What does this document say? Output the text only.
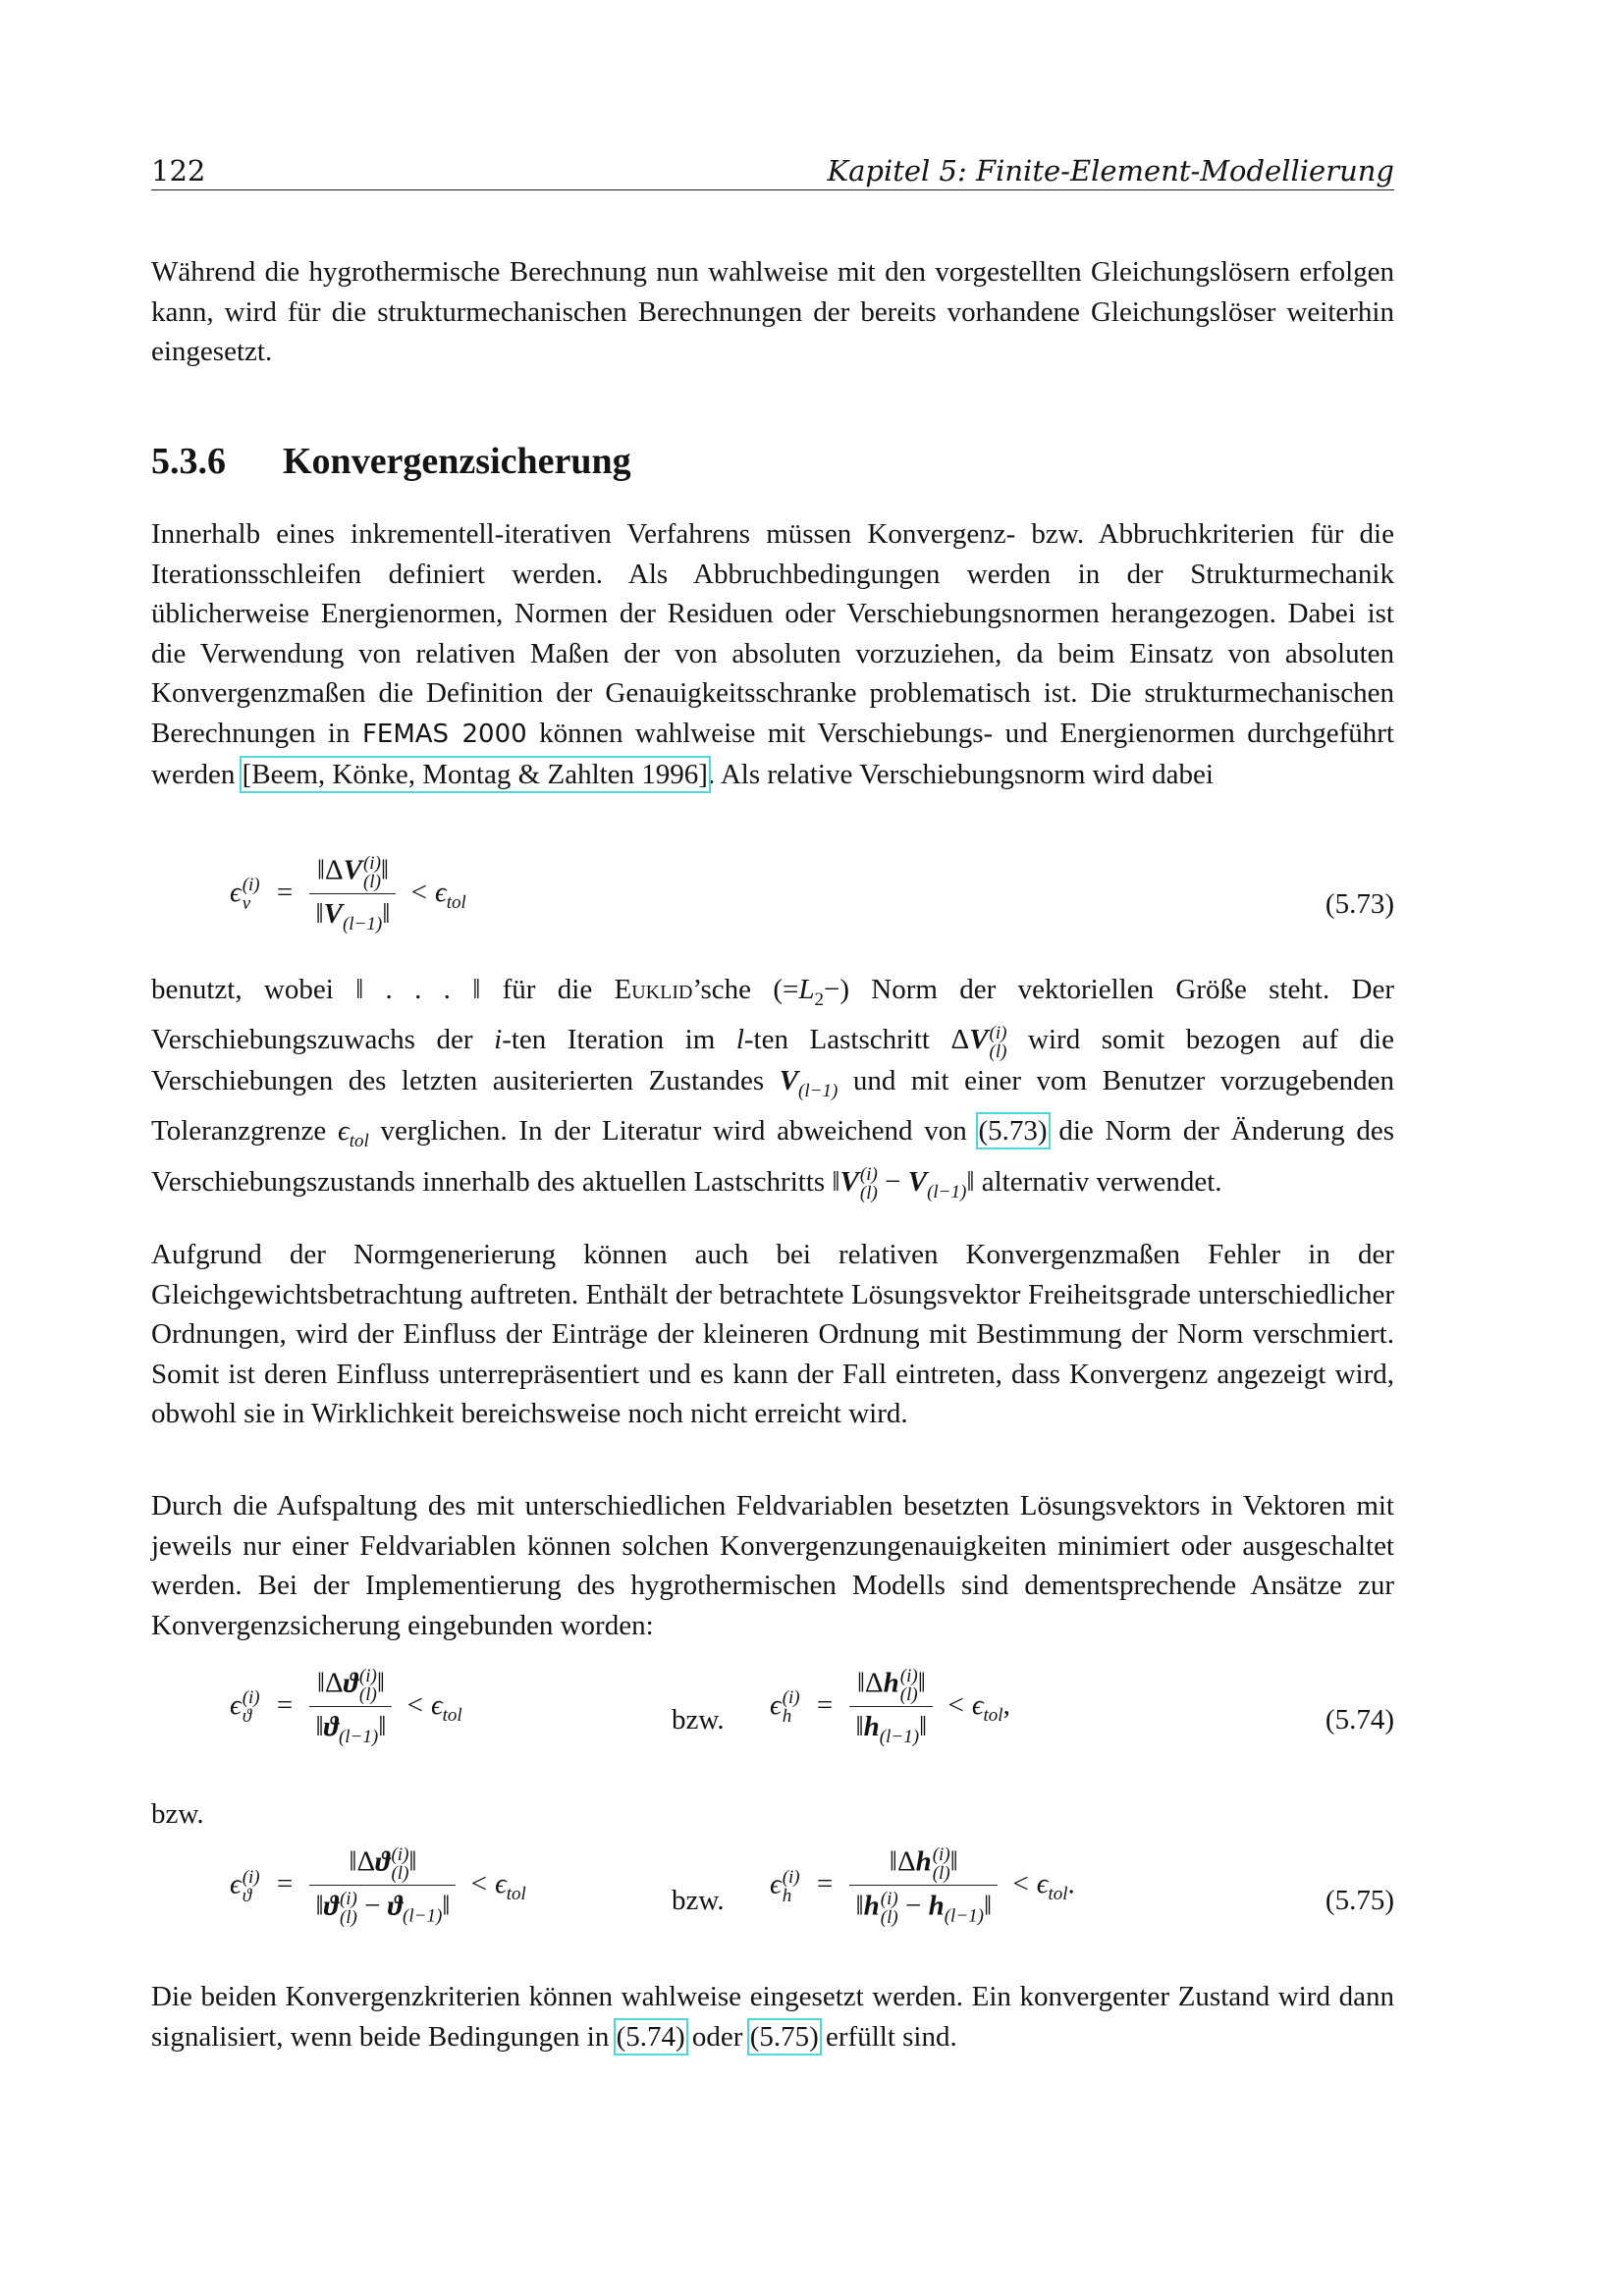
122	Kapitel 5: Finite-Element-Modellierung

Während die hygrothermische Berechnung nun wahlweise mit den vorgestellten Gleichungslösern erfolgen kann, wird für die strukturmechanischen Berechnungen der bereits vorhandene Gleichungslöser weiterhin eingesetzt.

5.3.6 Konvergenzsicherung

Innerhalb eines inkrementell-iterativen Verfahrens müssen Konvergenz- bzw. Abbruchkriterien für die Iterationsschleifen definiert werden. Als Abbruchbedingungen werden in der Strukturmechanik üblicherweise Energienormen, Normen der Residuen oder Verschiebungsnormen herangezogen. Dabei ist die Verwendung von relativen Maßen der von absoluten vorzuziehen, da beim Einsatz von absoluten Konvergenzmaßen die Definition der Genauigkeitsschranke problematisch ist. Die strukturmechanischen Berechnungen in FEMAS 2000 können wahlweise mit Verschiebungs- und Energienormen durchgeführt werden [Beem, Könke, Montag & Zahlten 1996]. Als relative Verschiebungsnorm wird dabei

ϵ (i)
v = ‖ΔV (i)
(l) ‖
$‖V_{(l-1)}‖ < \epsilon_{tol}$	(5.73)

benutzt, wobei ‖ . . . ‖ für die Euklid’sche $(=L_2-)$ Norm der vektoriellen Größe steht. Der Verschiebungszuwachs der i-ten Iteration im l-ten Lastschritt ΔV (i)
(l) wird somit bezogen auf die Verschiebungen des letzten ausiterierten Zustandes $V_{(l-1)}$ und mit einer vom Benutzer vorzugebenden Toleranzgrenze $\epsilon_{tol}$ verglichen. In der Literatur wird abweichend von (5.73) die Norm der Änderung des Verschiebungszustands innerhalb des aktuellen Lastschritts ‖V (i)
$(l) - V_{(l-1)}‖$ alternativ verwendet.

Aufgrund der Normgenerierung können auch bei relativen Konvergenzmaßen Fehler in der Gleichgewichtsbetrachtung auftreten. Enthält der betrachtete Lösungsvektor Freiheitsgrade unterschiedlicher Ordnungen, wird der Einfluss der Einträge der kleineren Ordnung mit Bestimmung der Norm verschmiert. Somit ist deren Einfluss unterrepräsentiert und es kann der Fall eintreten, dass Konvergenz angezeigt wird, obwohl sie in Wirklichkeit bereichsweise noch nicht erreicht wird.

Durch die Aufspaltung des mit unterschiedlichen Feldvariablen besetzten Lösungsvektors in Vektoren mit jeweils nur einer Feldvariablen können solchen Konvergenzungenauigkeiten minimiert oder ausgeschaltet werden. Bei der Implementierung des hygrothermischen Modells sind dementsprechende Ansätze zur Konvergenzsicherung eingebunden worden:

ϵ (i)
ϑ = ‖Δϑ (i)
(l) ‖
$‖ϑ_{(l-1)}‖ < \epsilon_{tol}$	bzw. ϵ (i)
h = ‖Δh (i)
(l) ‖
$‖h_{(l-1)}‖ < \epsilon_{tol}$,	(5.74)
bzw.
ϵ (i)
ϑ = ‖Δϑ (i)
(l) ‖
‖ϑ (i)
$(l) - ϑ_{(l-1)}‖ < \epsilon_{tol}$	bzw.
ϵ (i)
h = ‖Δh (i)
(l) ‖
‖h (i)
$(l) - h_{(l-1)}‖ < \epsilon_{tol}$.
(5.75)

Die beiden Konvergenzkriterien können wahlweise eingesetzt werden. Ein konvergenter Zustand wird dann signalisiert, wenn beide Bedingungen in (5.74) oder (5.75) erfüllt sind.
